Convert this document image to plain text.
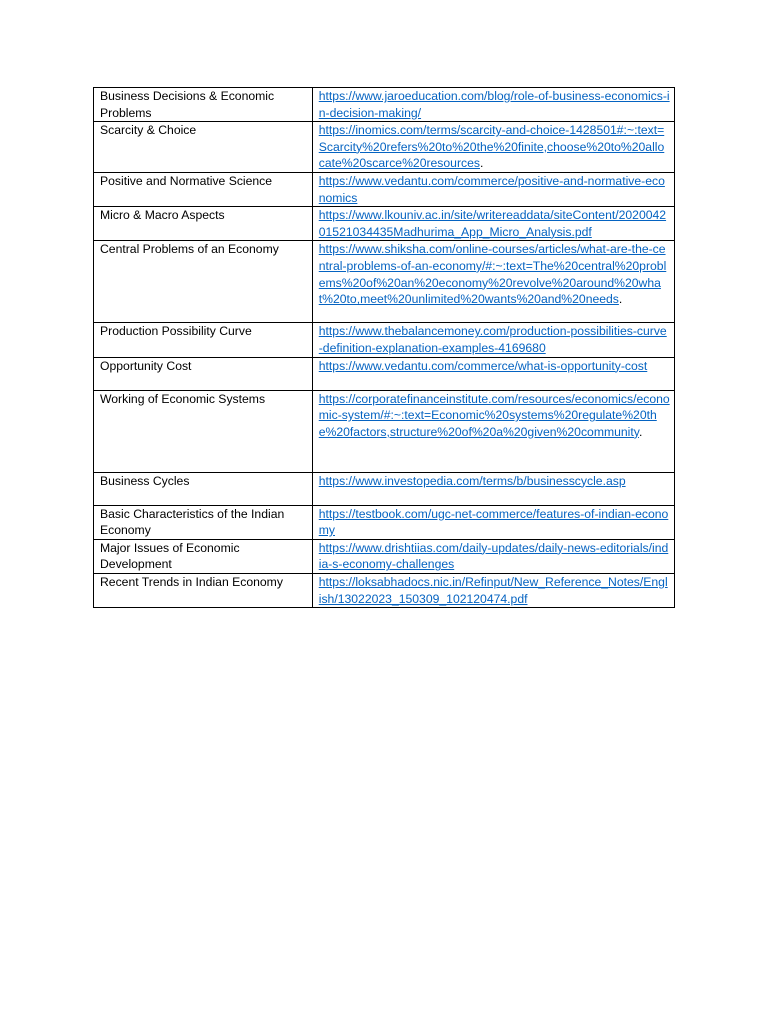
Business Decisions & Economic Problems	https://www.jaroeducation.com/blog/role-of-business-economics-in-decision-making/
Scarcity & Choice	https://inomics.com/terms/scarcity-and-choice-1428501#:~:text=Scarcity%20refers%20to%20the%20finite,choose%20to%20allocate%20scarce%20resources.
Positive and Normative Science	https://www.vedantu.com/commerce/positive-and-normative-economics
Micro & Macro Aspects	https://www.lkouniv.ac.in/site/writereaddata/siteContent/202004201521034435Madhurima_App_Micro_Analysis.pdf
Central Problems of an Economy	https://www.shiksha.com/online-courses/articles/what-are-the-central-problems-of-an-economy/#:~:text=The%20central%20problems%20of%20an%20economy%20revolve%20around%20what%20to,meet%20unlimited%20wants%20and%20needs.
Production Possibility Curve	https://www.thebalancemoney.com/production-possibilities-curve-definition-explanation-examples-4169680
Opportunity Cost	https://www.vedantu.com/commerce/what-is-opportunity-cost
Working of Economic Systems	https://corporatefinanceinstitute.com/resources/economics/economic-system/#:~:text=Economic%20systems%20regulate%20the%20factors,structure%20of%20a%20given%20community.
Business Cycles	https://www.investopedia.com/terms/b/businesscycle.asp
Basic Characteristics of the Indian Economy	https://testbook.com/ugc-net-commerce/features-of-indian-economy
Major Issues of Economic Development	https://www.drishtiias.com/daily-updates/daily-news-editorials/india-s-economy-challenges
Recent Trends in Indian Economy	https://loksabhadocs.nic.in/Refinput/New_Reference_Notes/English/13022023_150309_102120474.pdf
